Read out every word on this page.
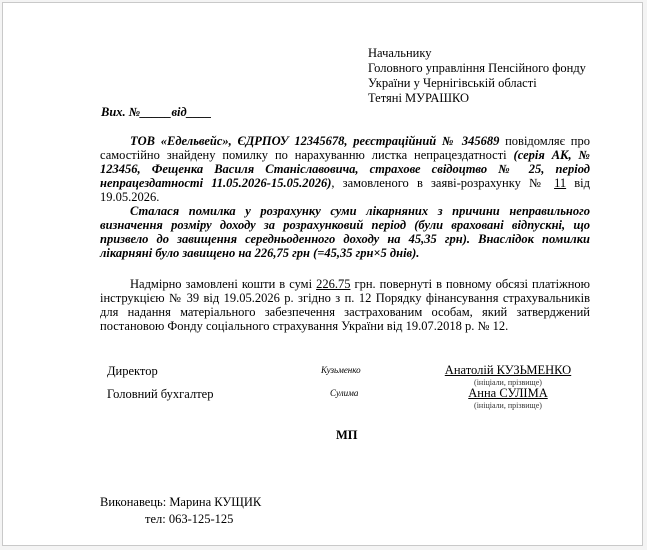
Начальнику
Головного управління Пенсійного фонду
України у Чернігівській області
Тетяні МУРАШКО
Вих. №_____від____
ТОВ «Едельвейс», ЄДРПОУ 12345678, реєстраційний № 345689 повідомляє про самостійно знайдену помилку по нарахуванню листка непрацездатності (серія АК, № 123456, Фещенка Василя Станіславовича, страхове свідоцтво № 25, період непрацездатності 11.05.2026-15.05.2026), замовленого в заяві-розрахунку № 11 від 19.05.2026.
Сталася помилка у розрахунку суми лікарняних з причини неправильного визначення розміру доходу за розрахунковий період (були враховані відпускні, що призвело до завищення середньоденного доходу на 45,35 грн). Внаслідок помилки лікарняні було завищено на 226,75 грн (=45,35 грн×5 днів).
Надмірно замовлені кошти в сумі 226.75 грн. повернуті в повному обсязі платіжною інструкцією № 39 від 19.05.2026 р. згідно з п. 12 Порядку фінансування страхувальників для надання матеріального забезпечення застрахованим особам, який затверджений постановою Фонду соціального страхування України від 19.07.2018 р. № 12.
Директор	Кузьменко	Анатолій КУЗЬМЕНКО
(ініціали, прізвище)
Головний бухгалтер	Сулима	Анна СУЛІМА
(ініціали, прізвище)
МП
Виконавець: Марина КУЩИК
тел: 063-125-125
